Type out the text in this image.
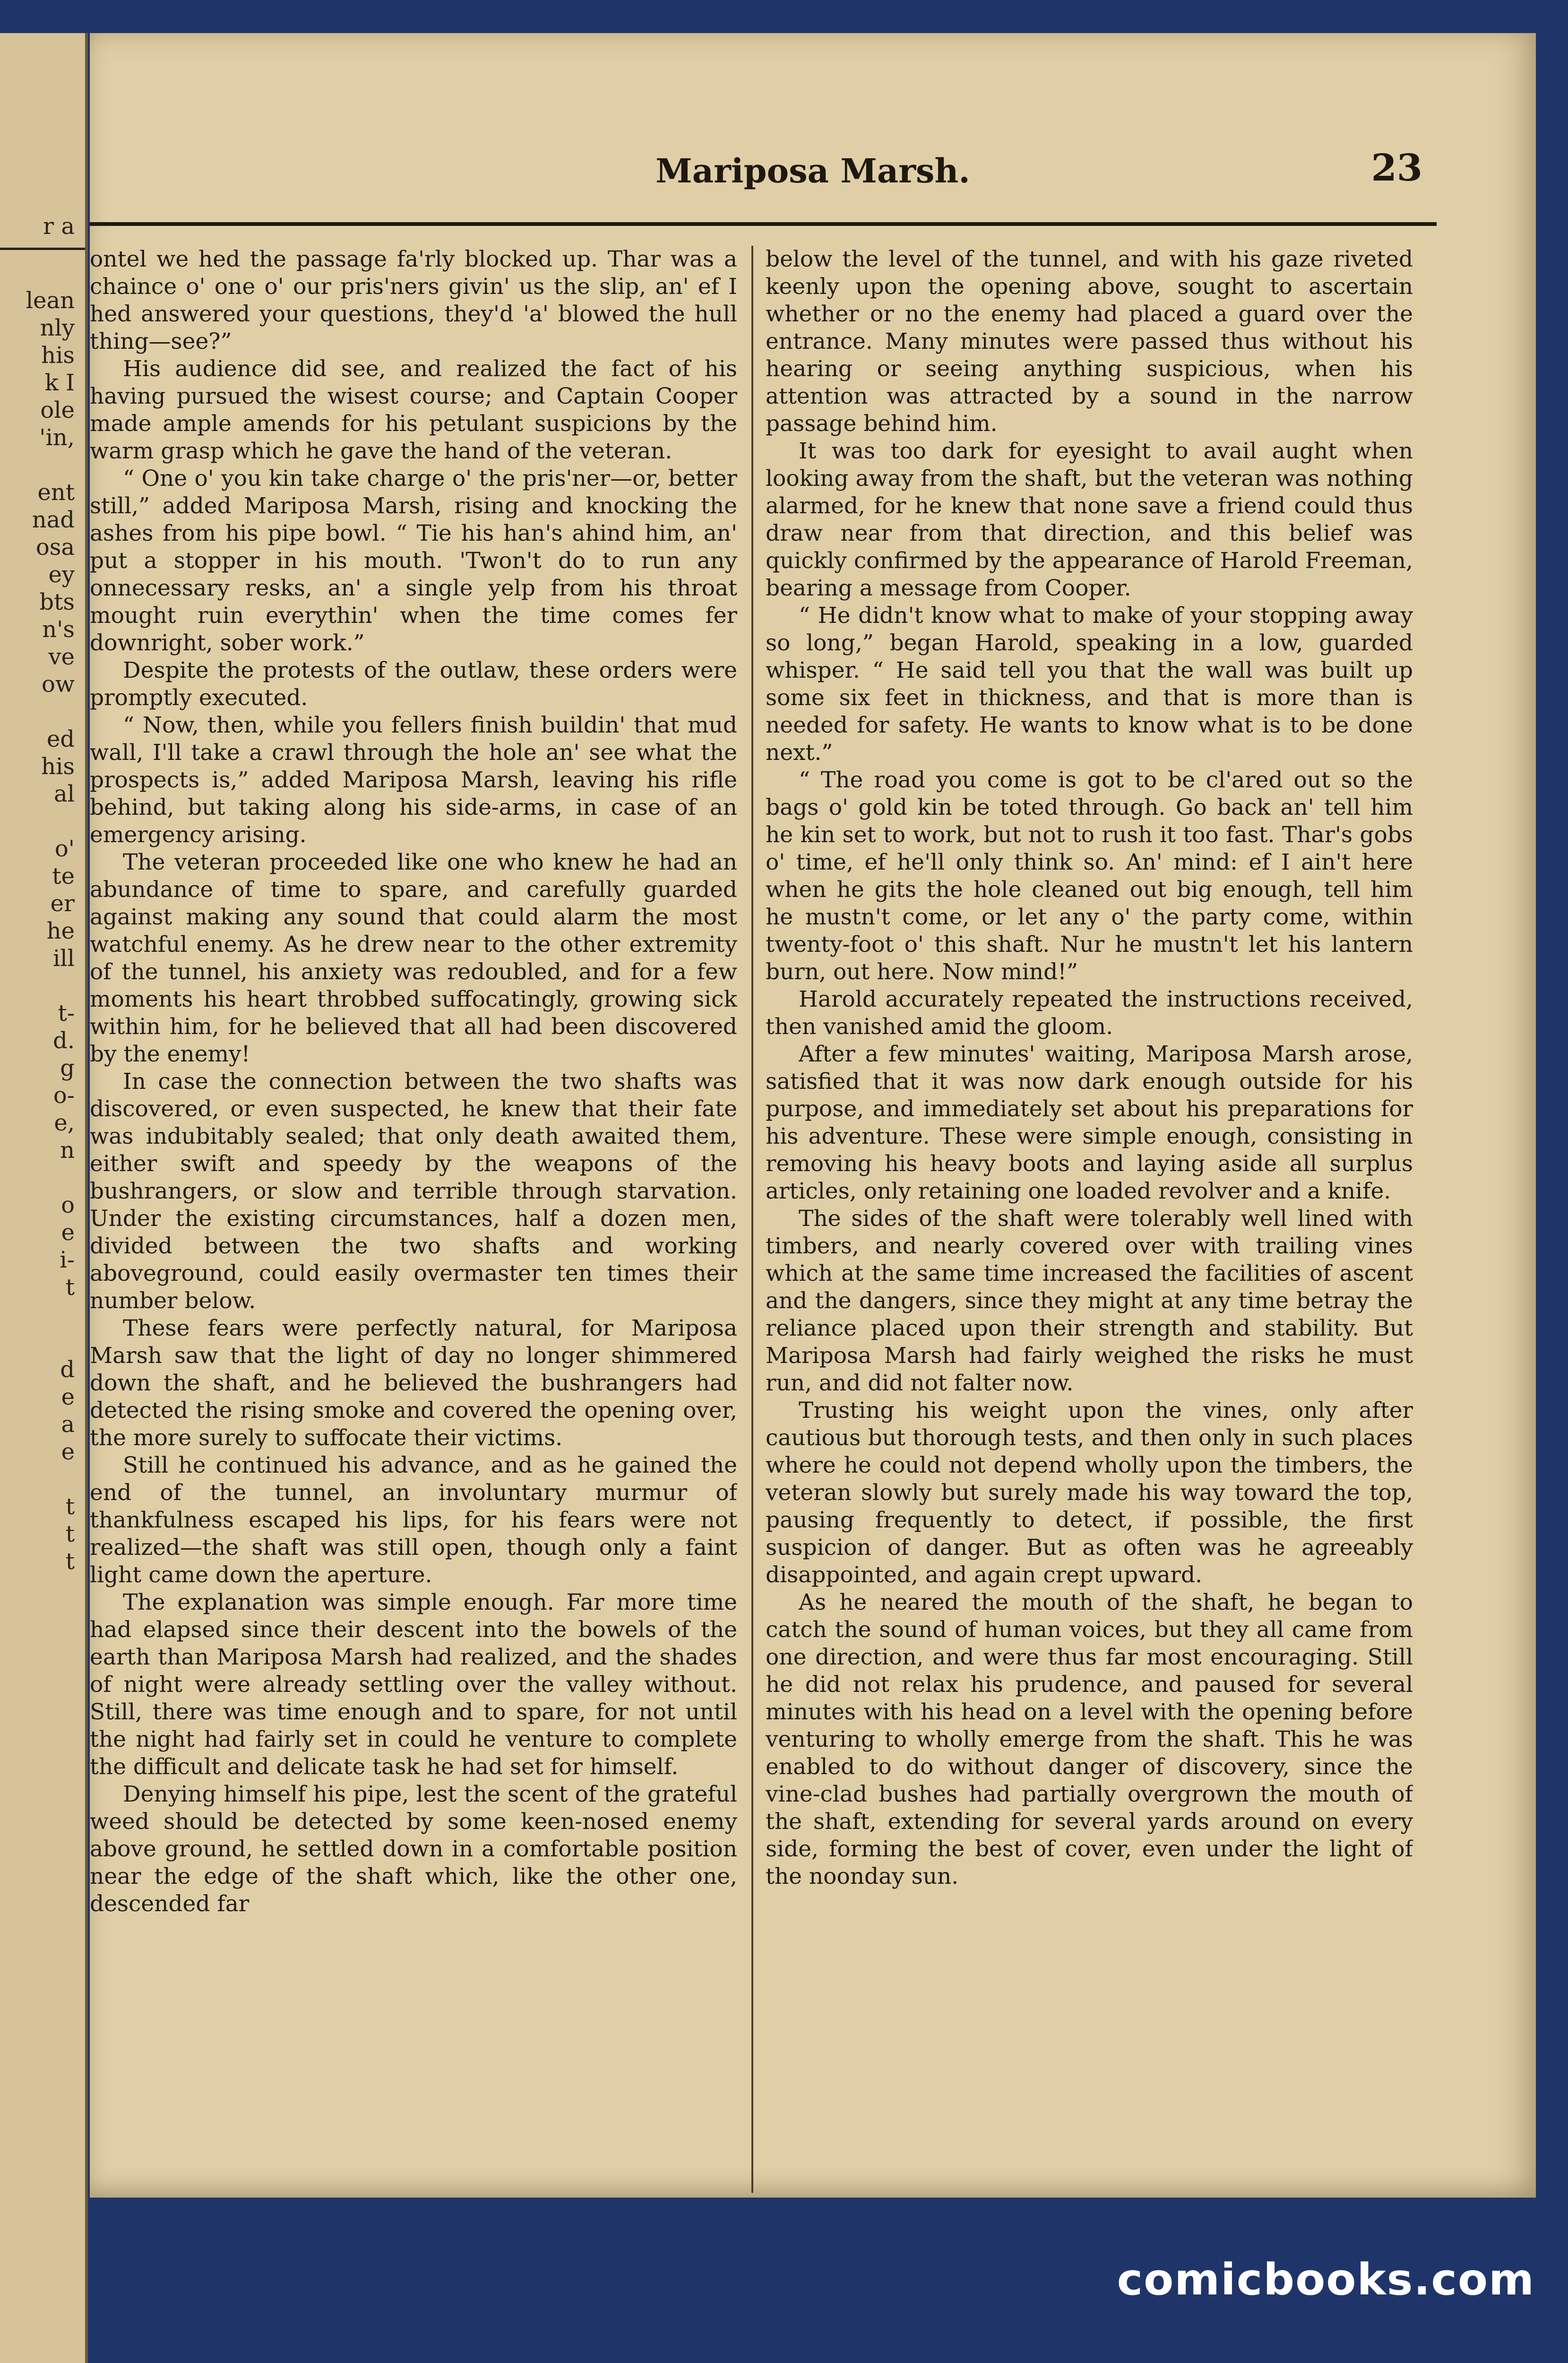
r a

lean
nly
his
k I
ole
'in,

ent
nad
osa
ey
bts
n's
ve
ow

ed
his
al

o'
te
er
he
ill

t-
d.
g
o-
e,
n

o
e
i-
t

d
e
a
e

t
t
t

Mariposa Marsh.	23

ontel we hed the passage fa'rly blocked up. Thar was a chaince o' one o' our pris'ners givin' us the slip, an' ef I hed answered your questions, they'd 'a' blowed the hull thing—see?”

His audience did see, and realized the fact of his having pursued the wisest course; and Captain Cooper made ample amends for his petulant suspicions by the warm grasp which he gave the hand of the veteran.

“ One o' you kin take charge o' the pris'ner—or, better still,” added Mariposa Marsh, rising and knocking the ashes from his pipe bowl. “ Tie his han's ahind him, an' put a stopper in his mouth. 'Twon't do to run any onnecessary resks, an' a single yelp from his throat mought ruin everythin' when the time comes fer downright, sober work.”

Despite the protests of the outlaw, these orders were promptly executed.

“ Now, then, while you fellers finish buildin' that mud wall, I'll take a crawl through the hole an' see what the prospects is,” added Mariposa Marsh, leaving his rifle behind, but taking along his side-arms, in case of an emergency arising.

The veteran proceeded like one who knew he had an abundance of time to spare, and carefully guarded against making any sound that could alarm the most watchful enemy. As he drew near to the other extremity of the tunnel, his anxiety was redoubled, and for a few moments his heart throbbed suffocatingly, growing sick within him, for he believed that all had been discovered by the enemy!

In case the connection between the two shafts was discovered, or even suspected, he knew that their fate was indubitably sealed; that only death awaited them, either swift and speedy by the weapons of the bushrangers, or slow and terrible through starvation. Under the existing circumstances, half a dozen men, divided between the two shafts and working aboveground, could easily overmaster ten times their number below.

These fears were perfectly natural, for Mariposa Marsh saw that the light of day no longer shimmered down the shaft, and he believed the bushrangers had detected the rising smoke and covered the opening over, the more surely to suffocate their victims.

Still he continued his advance, and as he gained the end of the tunnel, an involuntary murmur of thankfulness escaped his lips, for his fears were not realized—the shaft was still open, though only a faint light came down the aperture.

The explanation was simple enough. Far more time had elapsed since their descent into the bowels of the earth than Mariposa Marsh had realized, and the shades of night were already settling over the valley without. Still, there was time enough and to spare, for not until the night had fairly set in could he venture to complete the difficult and delicate task he had set for himself.

Denying himself his pipe, lest the scent of the grateful weed should be detected by some keen-nosed enemy above ground, he settled down in a comfortable position near the edge of the shaft which, like the other one, descended far

below the level of the tunnel, and with his gaze riveted keenly upon the opening above, sought to ascertain whether or no the enemy had placed a guard over the entrance. Many minutes were passed thus without his hearing or seeing anything suspicious, when his attention was attracted by a sound in the narrow passage behind him.

It was too dark for eyesight to avail aught when looking away from the shaft, but the veteran was nothing alarmed, for he knew that none save a friend could thus draw near from that direction, and this belief was quickly confirmed by the appearance of Harold Freeman, bearing a message from Cooper.

“ He didn't know what to make of your stopping away so long,” began Harold, speaking in a low, guarded whisper. “ He said tell you that the wall was built up some six feet in thickness, and that is more than is needed for safety. He wants to know what is to be done next.”

“ The road you come is got to be cl'ared out so the bags o' gold kin be toted through. Go back an' tell him he kin set to work, but not to rush it too fast. Thar's gobs o' time, ef he'll only think so. An' mind: ef I ain't here when he gits the hole cleaned out big enough, tell him he mustn't come, or let any o' the party come, within twenty-foot o' this shaft. Nur he mustn't let his lantern burn, out here. Now mind!”

Harold accurately repeated the instructions received, then vanished amid the gloom.

After a few minutes' waiting, Mariposa Marsh arose, satisfied that it was now dark enough outside for his purpose, and immediately set about his preparations for his adventure. These were simple enough, consisting in removing his heavy boots and laying aside all surplus articles, only retaining one loaded revolver and a knife.

The sides of the shaft were tolerably well lined with timbers, and nearly covered over with trailing vines which at the same time increased the facilities of ascent and the dangers, since they might at any time betray the reliance placed upon their strength and stability. But Mariposa Marsh had fairly weighed the risks he must run, and did not falter now.

Trusting his weight upon the vines, only after cautious but thorough tests, and then only in such places where he could not depend wholly upon the timbers, the veteran slowly but surely made his way toward the top, pausing frequently to detect, if possible, the first suspicion of danger. But as often was he agreeably disappointed, and again crept upward.

As he neared the mouth of the shaft, he began to catch the sound of human voices, but they all came from one direction, and were thus far most encouraging. Still he did not relax his prudence, and paused for several minutes with his head on a level with the opening before venturing to wholly emerge from the shaft. This he was enabled to do without danger of discovery, since the vine-clad bushes had partially overgrown the mouth of the shaft, extending for several yards around on every side, forming the best of cover, even under the light of the noonday sun.

comicbooks.com
